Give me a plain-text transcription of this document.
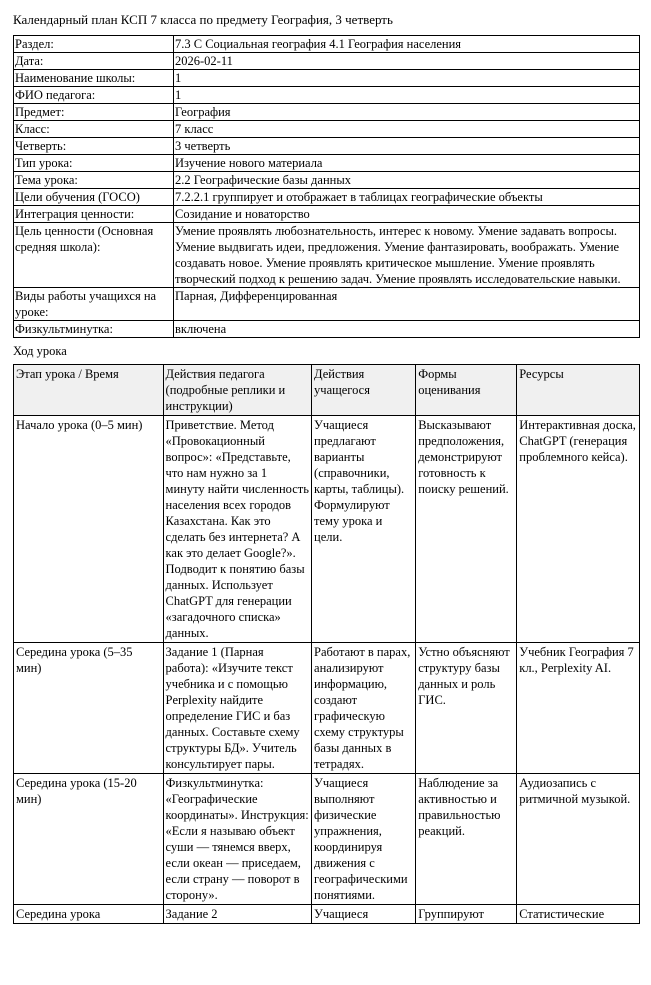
Календарный план КСП 7 класса по предмету География, 3 четверть
Раздел:	7.3 С Социальная география 4.1 География населения
Дата:	2026-02-11
Наименование школы:	1
ФИО педагога:	1
Предмет:	География
Класс:	7 класс
Четверть:	3 четверть
Тип урока:	Изучение нового материала
Тема урока:	2.2 Географические базы данных
Цели обучения (ГОСО)	7.2.2.1 группирует и отображает в таблицах географические объекты
Интеграция ценности:	Созидание и новаторство
Цель ценности (Основная средняя школа):	Умение проявлять любознательность, интерес к новому. Умение задавать вопросы. Умение выдвигать идеи, предложения. Умение фантазировать, воображать. Умение создавать новое. Умение проявлять критическое мышление. Умение проявлять творческий подход к решению задач. Умение проявлять исследовательские навыки.
Виды работы учащихся на уроке:	Парная, Дифференцированная
Физкультминутка:	включена
Ход урока
Этап урока / Время	Действия педагога (подробные реплики и инструкции)	Действия учащегося	Формы оценивания	Ресурсы
Начало урока (0–5 мин)	Приветствие. Метод «Провокационный вопрос»: «Представьте, что нам нужно за 1 минуту найти численность населения всех городов Казахстана. Как это сделать без интернета? А как это делает Google?». Подводит к понятию базы данных. Использует ChatGPT для генерации «загадочного списка» данных.	Учащиеся предлагают варианты (справочники, карты, таблицы). Формулируют тему урока и цели.	Высказывают предположения, демонстрируют готовность к поиску решений.	Интерактивная доска, ChatGPT (генерация проблемного кейса).
Середина урока (5–35 мин)	Задание 1 (Парная работа): «Изучите текст учебника и с помощью Perplexity найдите определение ГИС и баз данных. Составьте схему структуры БД». Учитель консультирует пары.	Работают в парах, анализируют информацию, создают графическую схему структуры базы данных в тетрадях.	Устно объясняют структуру базы данных и роль ГИС.	Учебник География 7 кл., Perplexity AI.
Середина урока (15-20 мин)	Физкультминутка: «Географические координаты». Инструкция: «Если я называю объект суши — тянемся вверх, если океан — приседаем, если страну — поворот в сторону».	Учащиеся выполняют физические упражнения, координируя движения с географическими понятиями.	Наблюдение за активностью и правильностью реакций.	Аудиозапись с ритмичной музыкой.
Середина урока	Задание 2	Учащиеся	Группируют	Статистические
